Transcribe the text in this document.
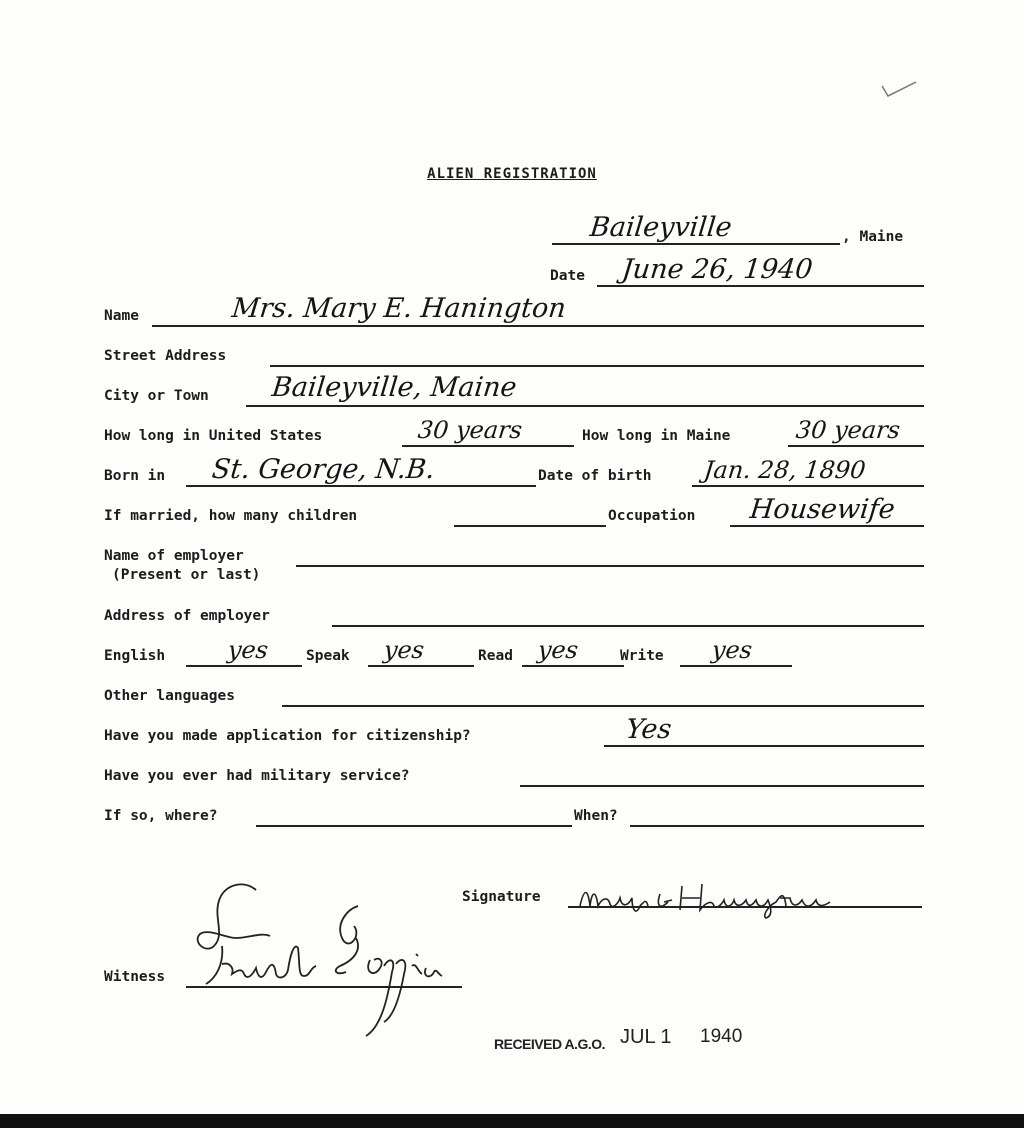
ALIEN REGISTRATION
Baileyville	, Maine
Date June 26, 1940
Name	Mrs. Mary E. Hanington
Street Address
City or Town Baileyville, Maine
How long in United States	30 years	How long in Maine	30 years
Born in St. George, N.B.	Date of birth Jan. 28, 1890
If married, how many children	Occupation Housewife
Name of employer
(Present or last)
Address of employer
English	yes	Speak yes	Read yes	Write yes
Other languages
Have you made application for citizenship?	Yes
Have you ever had military service?
If so, where?	When?
Signature
Witness
RECEIVED A.G.O. JUL 1 1940
